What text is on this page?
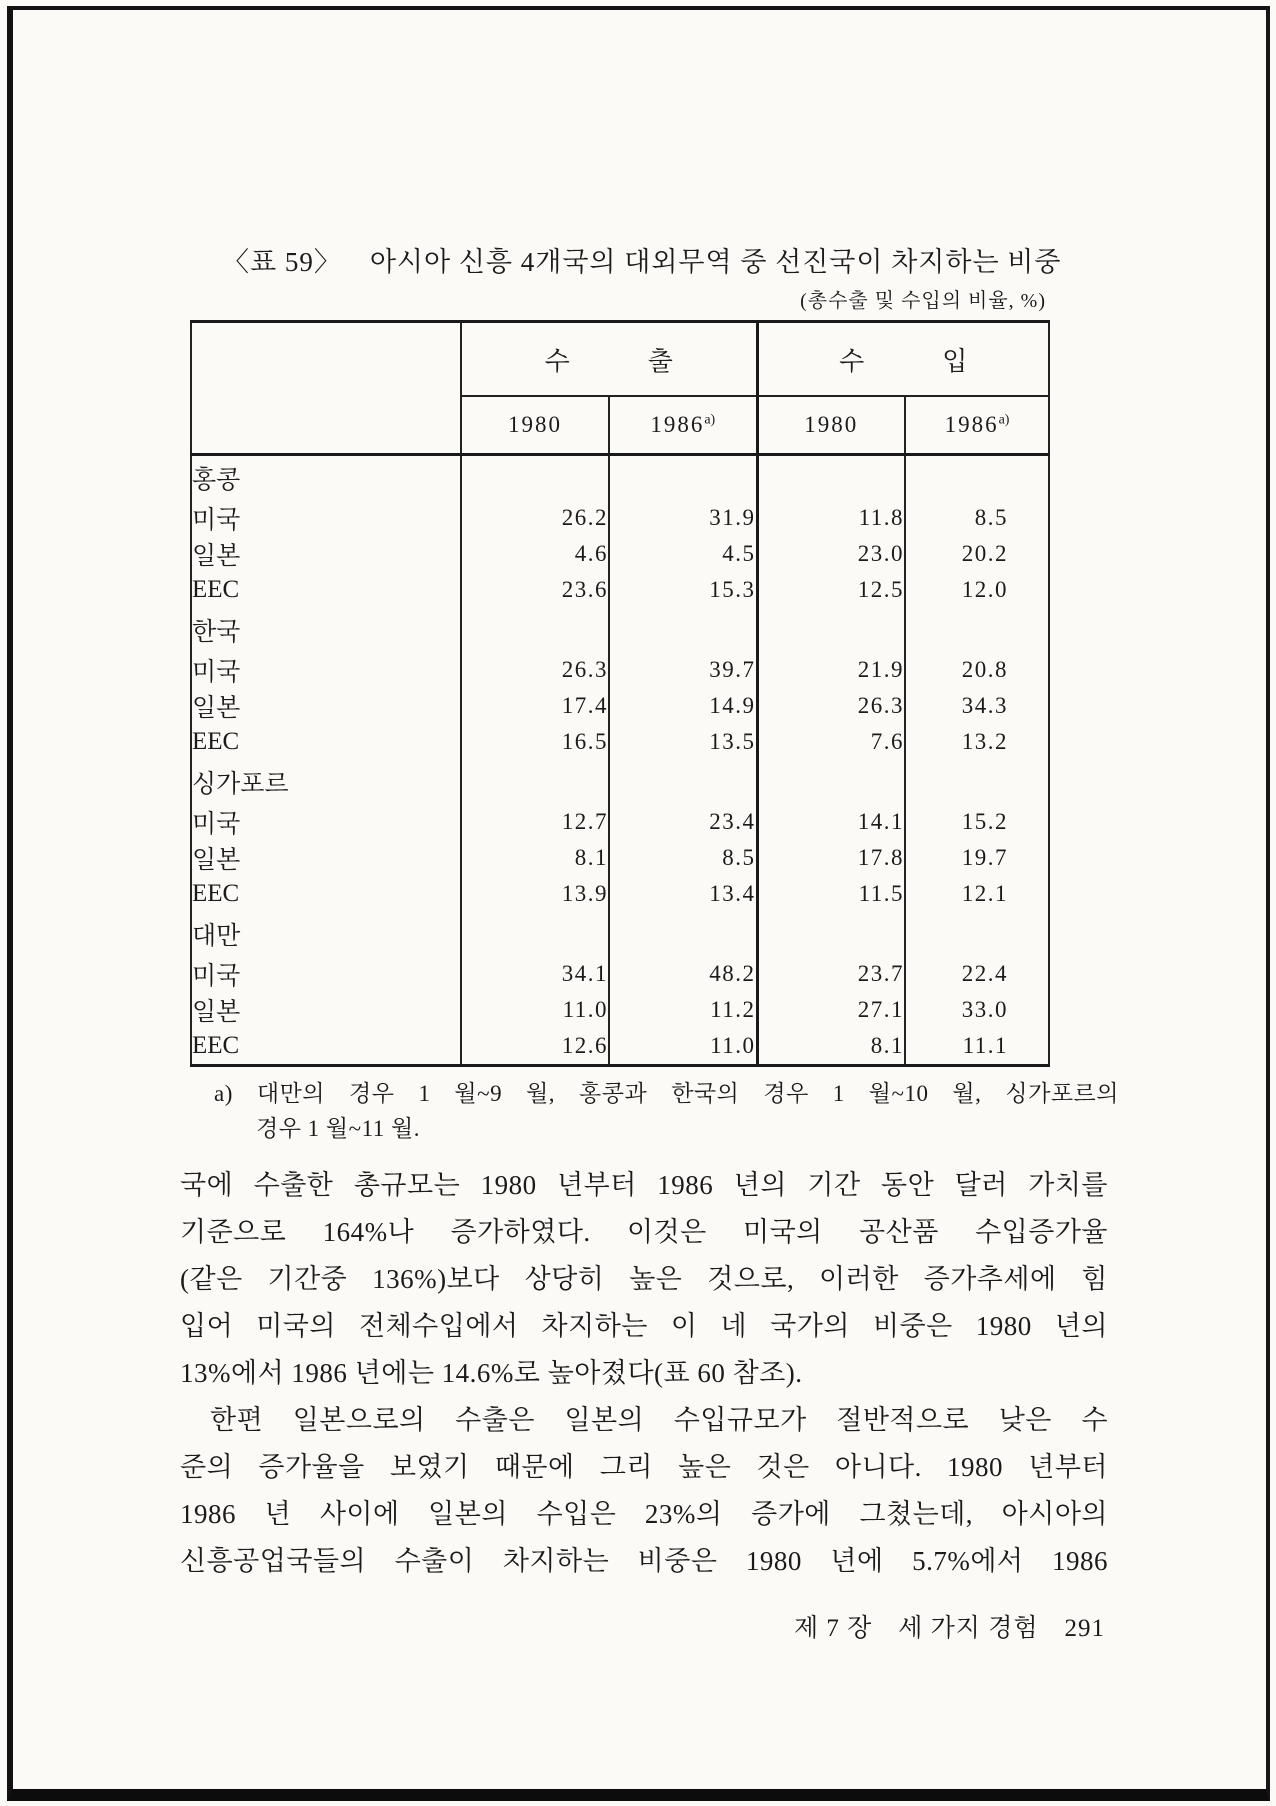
〈표 59〉 아시아 신흥 4개국의 대외무역 중 선진국이 차지하는 비중
(총수출 및 수입의 비율, %)
	수   출		수   입	
	1980	1986$^{a)}$	1980	1986$^{a)}$
홍콩				
미국	26.2	31.9	11.8	8.5
일본	4.6	4.5	23.0	20.2
EEC	23.6	15.3	12.5	12.0
한국				
미국	26.3	39.7	21.9	20.8
일본	17.4	14.9	26.3	34.3
EEC	16.5	13.5	7.6	13.2
싱가포르				
미국	12.7	23.4	14.1	15.2
일본	8.1	8.5	17.8	19.7
EEC	13.9	13.4	11.5	12.1
대만				
미국	34.1	48.2	23.7	22.4
일본	11.0	11.2	27.1	33.0
EEC	12.6	11.0	8.1	11.1
a) 대만의 경우 1 월~9 월, 홍콩과 한국의 경우 1 월~10 월, 싱가포르의
경우 1 월~11 월.
국에 수출한 총규모는 1980 년부터 1986 년의 기간 동안 달러 가치를
기준으로 164%나 증가하였다. 이것은 미국의 공산품 수입증가율
(같은 기간중 136%)보다 상당히 높은 것으로, 이러한 증가추세에 힘
입어 미국의 전체수입에서 차지하는 이 네 국가의 비중은 1980 년의
13%에서 1986 년에는 14.6%로 높아졌다(표 60 참조).
한편 일본으로의 수출은 일본의 수입규모가 절반적으로 낮은 수
준의 증가율을 보였기 때문에 그리 높은 것은 아니다. 1980 년부터
1986 년 사이에 일본의 수입은 23%의 증가에 그쳤는데, 아시아의
신흥공업국들의 수출이 차지하는 비중은 1980 년에 5.7%에서 1986
제 7 장 세 가지 경험 291
